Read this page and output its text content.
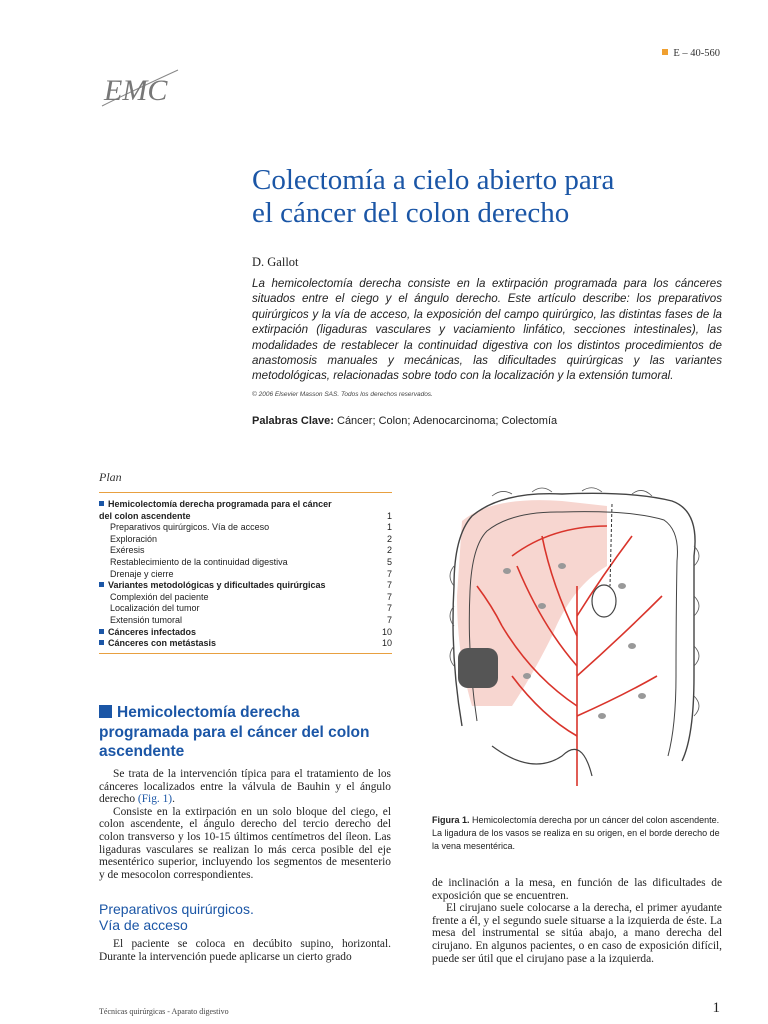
EMC
E – 40-560
Colectomía a cielo abierto para
el cáncer del colon derecho
D. Gallot
La hemicolectomía derecha consiste en la extirpación programada para los cánceres situados entre el ciego y el ángulo derecho. Este artículo describe: los preparativos quirúrgicos y la vía de acceso, la exposición del campo quirúrgico, las distintas fases de la extirpación (ligaduras vasculares y vaciamiento linfático, secciones intestinales), las modalidades de restablecer la continuidad digestiva con los distintos procedimientos de anastomosis manuales y mecánicas, las dificultades quirúrgicas y las variantes metodológicas, relacionadas sobre todo con la localización y la extensión tumoral.
© 2006 Elsevier Masson SAS. Todos los derechos reservados.
Palabras Clave: Cáncer; Colon; Adenocarcinoma; Colectomía
Plan
Hemicolectomía derecha programada para el cáncer
del colon ascendente	1
Preparativos quirúrgicos. Vía de acceso	1
Exploración	2
Exéresis	2
Restablecimiento de la continuidad digestiva	5
Drenaje y cierre	7
Variantes metodológicas y dificultades quirúrgicas	7
Complexión del paciente	7
Localización del tumor	7
Extensión tumoral	7
Cánceres infectados	10
Cánceres con metástasis	10
Hemicolectomía derecha programada para el cáncer del colon ascendente

Se trata de la intervención típica para el tratamiento de los cánceres localizados entre la válvula de Bauhin y el ángulo derecho (Fig. 1).

Consiste en la extirpación en un solo bloque del ciego, el colon ascendente, el ángulo derecho del tercio derecho del colon transverso y los 10-15 últimos centímetros del íleon. Las ligaduras vasculares se realizan lo más cerca posible del eje mesentérico superior, incluyendo los segmentos de mesenterio y de mesocolon correspondientes.

Preparativos quirúrgicos.
Vía de acceso

El paciente se coloca en decúbito supino, horizontal. Durante la intervención puede aplicarse un cierto grado

Figura 1. Hemicolectomía derecha por un cáncer del colon ascendente. La ligadura de los vasos se realiza en su origen, en el borde derecho de la vena mesentérica.

de inclinación a la mesa, en función de las dificultades de exposición que se encuentren.

El cirujano suele colocarse a la derecha, el primer ayudante frente a él, y el segundo suele situarse a la izquierda de éste. La mesa del instrumental se sitúa abajo, a mano derecha del cirujano. En algunos pacientes, o en caso de exposición difícil, puede ser útil que el cirujano pase a la izquierda.

Técnicas quirúrgicas - Aparato digestivo	1
